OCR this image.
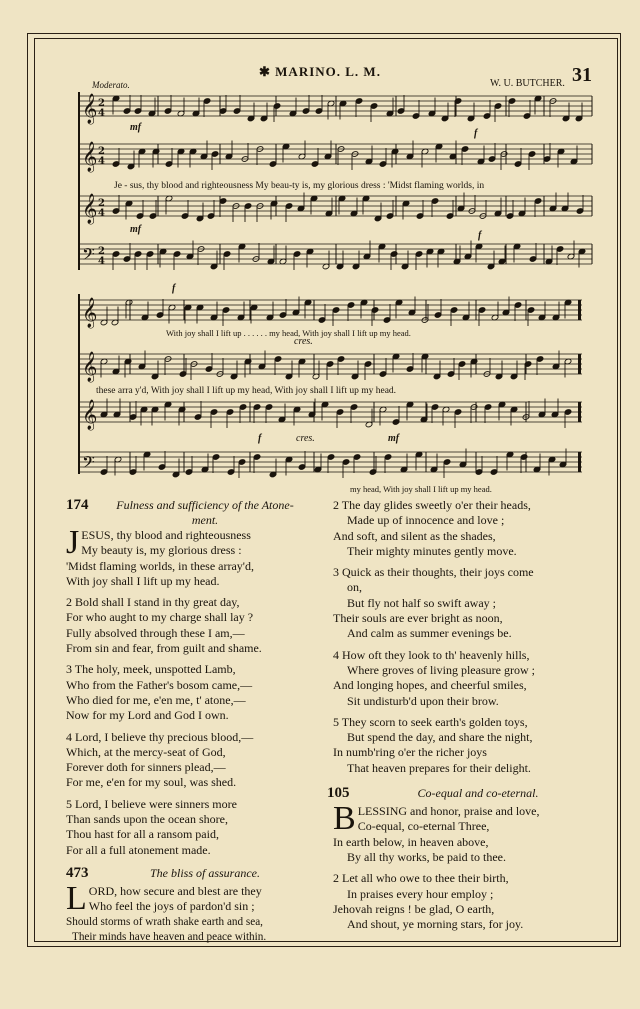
✱ MARINO. L. M.
W. U. BUTCHER. 31
Moderato.
𝄞
𝄞
𝄞
𝄢
𝄞
𝄞
𝄞
𝄢
2
4
2
4
2
4
2
4
mf
f
mf
f
f
cres.
f	cres.	mf
Je - sus, thy blood and righteousness My beau-ty is, my glorious dress : 'Midst flaming worlds, in
With joy shall I lift up . . . . . . my head, With joy shall I lift up my head.
these arra y'd, With joy shall I lift up my head, With joy shall I lift up my head.
my head, With joy shall I lift up my head.
174	Fulness and sufficiency of the Atone-
ment.
J ESUS, thy blood and righteousness
My beauty is, my glorious dress :
'Midst flaming worlds, in these array'd,
With joy shall I lift up my head.
2 Bold shall I stand in thy great day,
For who aught to my charge shall lay ?
Fully absolved through these I am,—
From sin and fear, from guilt and shame.
3 The holy, meek, unspotted Lamb,
Who from the Father's bosom came,—
Who died for me, e'en me, t' atone,—
Now for my Lord and God I own.
4 Lord, I believe thy precious blood,—
Which, at the mercy-seat of God,
Forever doth for sinners plead,—
For me, e'en for my soul, was shed.
5 Lord, I believe were sinners more
Than sands upon the ocean shore,
Thou hast for all a ransom paid,
For all a full atonement made.
473	The bliss of assurance.
L ORD, how secure and blest are they
Who feel the joys of pardon'd sin ;
Should storms of wrath shake earth and sea,
Their minds have heaven and peace within.
2 The day glides sweetly o'er their heads,
Made up of innocence and love ;
And soft, and silent as the shades,
Their mighty minutes gently move.
3 Quick as their thoughts, their joys come
on,
But fly not half so swift away ;
Their souls are ever bright as noon,
And calm as summer evenings be.
4 How oft they look to th' heavenly hills,
Where groves of living pleasure grow ;
And longing hopes, and cheerful smiles,
Sit undisturb'd upon their brow.
5 They scorn to seek earth's golden toys,
But spend the day, and share the night,
In numb'ring o'er the richer joys
That heaven prepares for their delight.
105	Co-equal and co-eternal.
B LESSING and honor, praise and love,
Co-equal, co-eternal Three,
In earth below, in heaven above,
By all thy works, be paid to thee.
2 Let all who owe to thee their birth,
In praises every hour employ ;
Jehovah reigns ! be glad, O earth,
And shout, ye morning stars, for joy.
